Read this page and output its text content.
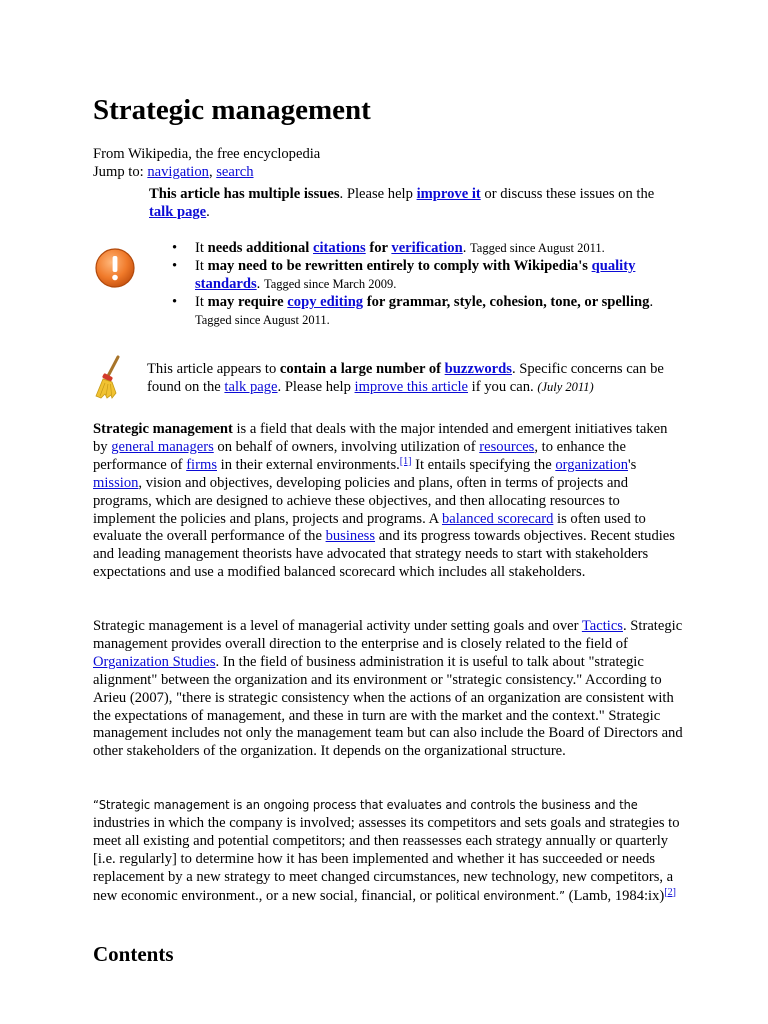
Strategic management
From Wikipedia, the free encyclopedia
Jump to: navigation, search

This article has multiple issues. Please help improve it or discuss these issues on the talk page.

• It needs additional citations for verification. Tagged since August 2011.
• It may need to be rewritten entirely to comply with Wikipedia's quality standards. Tagged since March 2009.
• It may require copy editing for grammar, style, cohesion, tone, or spelling. Tagged since August 2011.
This article appears to contain a large number of buzzwords. Specific concerns can be found on the talk page. Please help improve this article if you can. (July 2011)

Strategic management is a field that deals with the major intended and emergent initiatives taken by general managers on behalf of owners, involving utilization of resources, to enhance the performance of firms in their external environments.[1] It entails specifying the organization's mission, vision and objectives, developing policies and plans, often in terms of projects and programs, which are designed to achieve these objectives, and then allocating resources to implement the policies and plans, projects and programs. A balanced scorecard is often used to evaluate the overall performance of the business and its progress towards objectives. Recent studies and leading management theorists have advocated that strategy needs to start with stakeholders expectations and use a modified balanced scorecard which includes all stakeholders.

Strategic management is a level of managerial activity under setting goals and over Tactics. Strategic management provides overall direction to the enterprise and is closely related to the field of Organization Studies. In the field of business administration it is useful to talk about "strategic alignment" between the organization and its environment or "strategic consistency." According to Arieu (2007), "there is strategic consistency when the actions of an organization are consistent with the expectations of management, and these in turn are with the market and the context." Strategic management includes not only the management team but can also include the Board of Directors and other stakeholders of the organization. It depends on the organizational structure.

“Strategic management is an ongoing process that evaluates and controls the business and the industries in which the company is involved; assesses its competitors and sets goals and strategies to meet all existing and potential competitors; and then reassesses each strategy annually or quarterly [i.e. regularly] to determine how it has been implemented and whether it has succeeded or needs replacement by a new strategy to meet changed circumstances, new technology, new competitors, a new economic environment., or a new social, financial, or political environment.” (Lamb, 1984:ix)[2]

Contents
